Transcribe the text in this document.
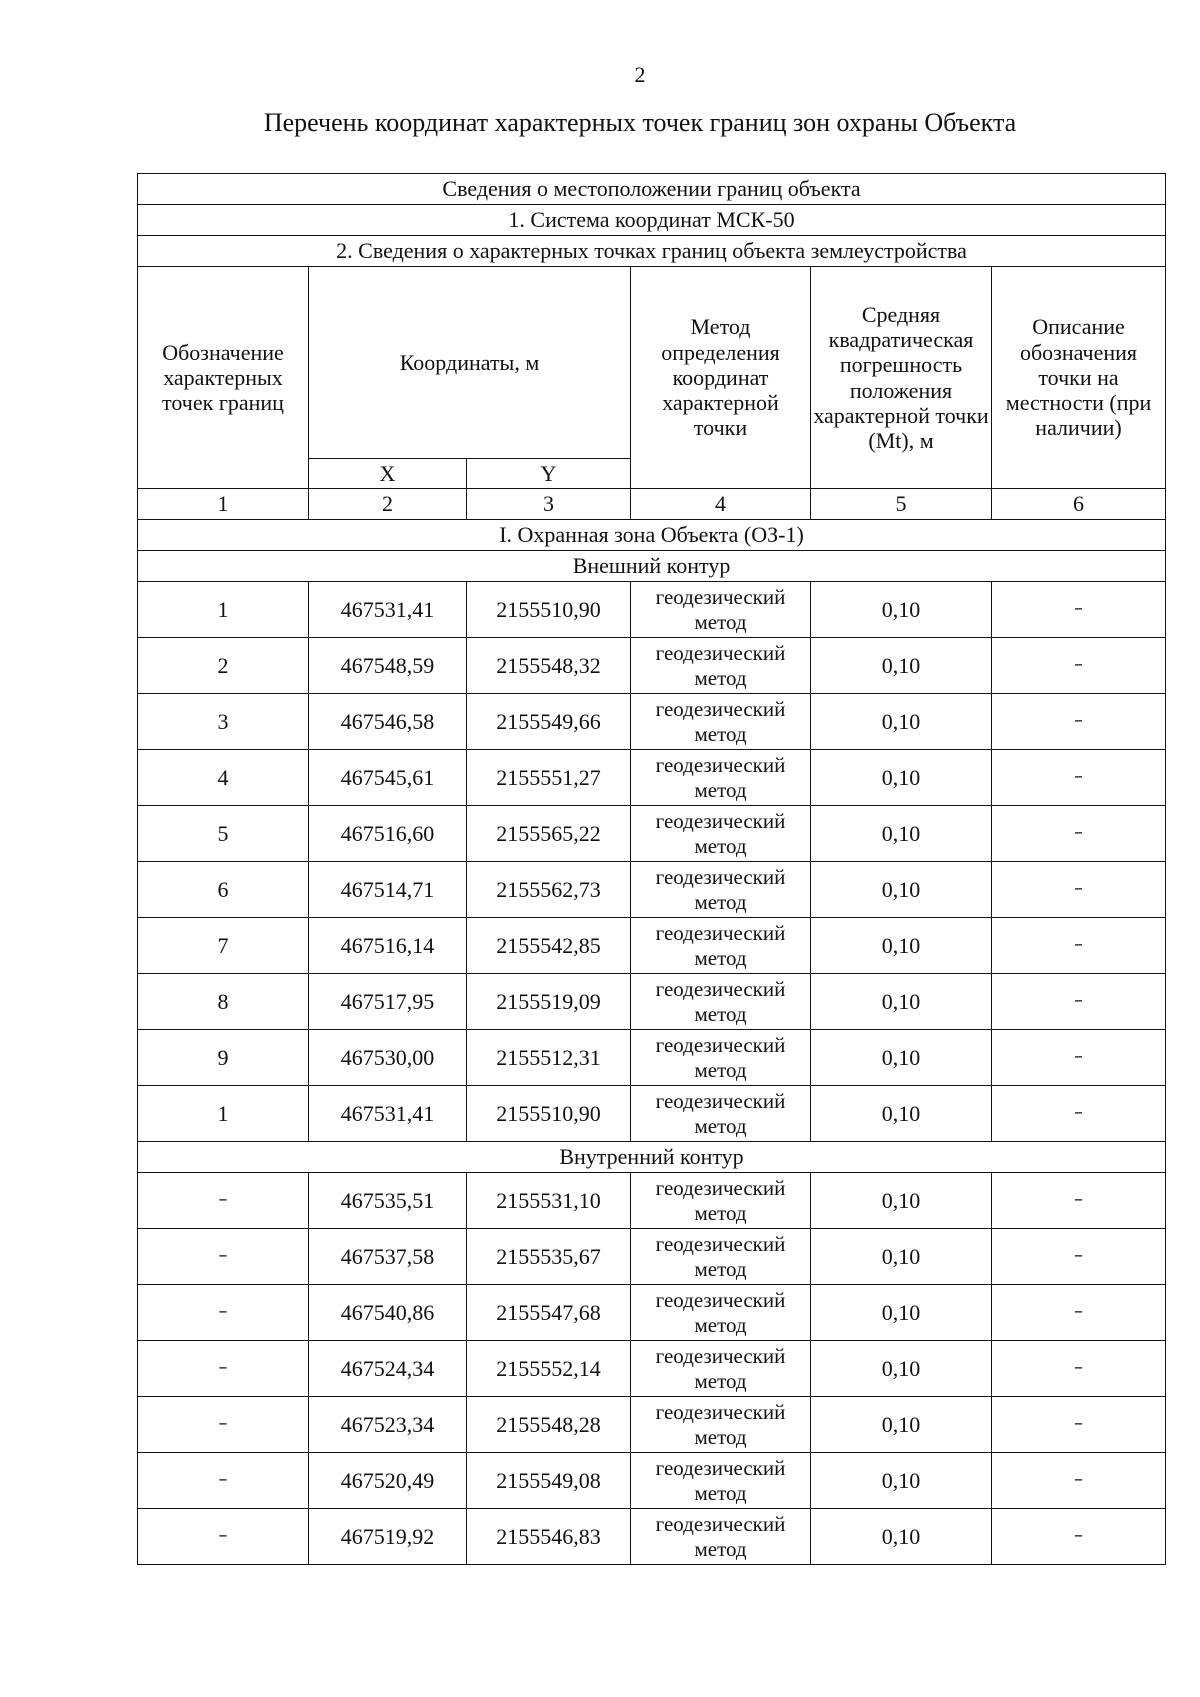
2
Перечень координат характерных точек границ зон охраны Объекта
Сведения о местоположении границ объекта					
1. Система координат МСК-50					
2. Сведения о характерных точках границ объекта землеустройства					
Обозначение характерных точек границ	Координаты, м		Метод определения координат характерной точки	Средняя квадратическая погрешность положения характерной точки (Mt), м	Описание обозначения точки на местности (при наличии)
	X	Y			
1	2	3	4	5	6
I. Охранная зона Объекта (ОЗ-1)					
Внешний контур					
1	467531,41	2155510,90	геодезический метод	0,10	–
2	467548,59	2155548,32	геодезический метод	0,10	–
3	467546,58	2155549,66	геодезический метод	0,10	–
4	467545,61	2155551,27	геодезический метод	0,10	–
5	467516,60	2155565,22	геодезический метод	0,10	–
6	467514,71	2155562,73	геодезический метод	0,10	–
7	467516,14	2155542,85	геодезический метод	0,10	–
8	467517,95	2155519,09	геодезический метод	0,10	–
9	467530,00	2155512,31	геодезический метод	0,10	–
1	467531,41	2155510,90	геодезический метод	0,10	–
Внутренний контур					
–	467535,51	2155531,10	геодезический метод	0,10	–
–	467537,58	2155535,67	геодезический метод	0,10	–
–	467540,86	2155547,68	геодезический метод	0,10	–
–	467524,34	2155552,14	геодезический метод	0,10	–
–	467523,34	2155548,28	геодезический метод	0,10	–
–	467520,49	2155549,08	геодезический метод	0,10	–
–	467519,92	2155546,83	геодезический метод	0,10	–
